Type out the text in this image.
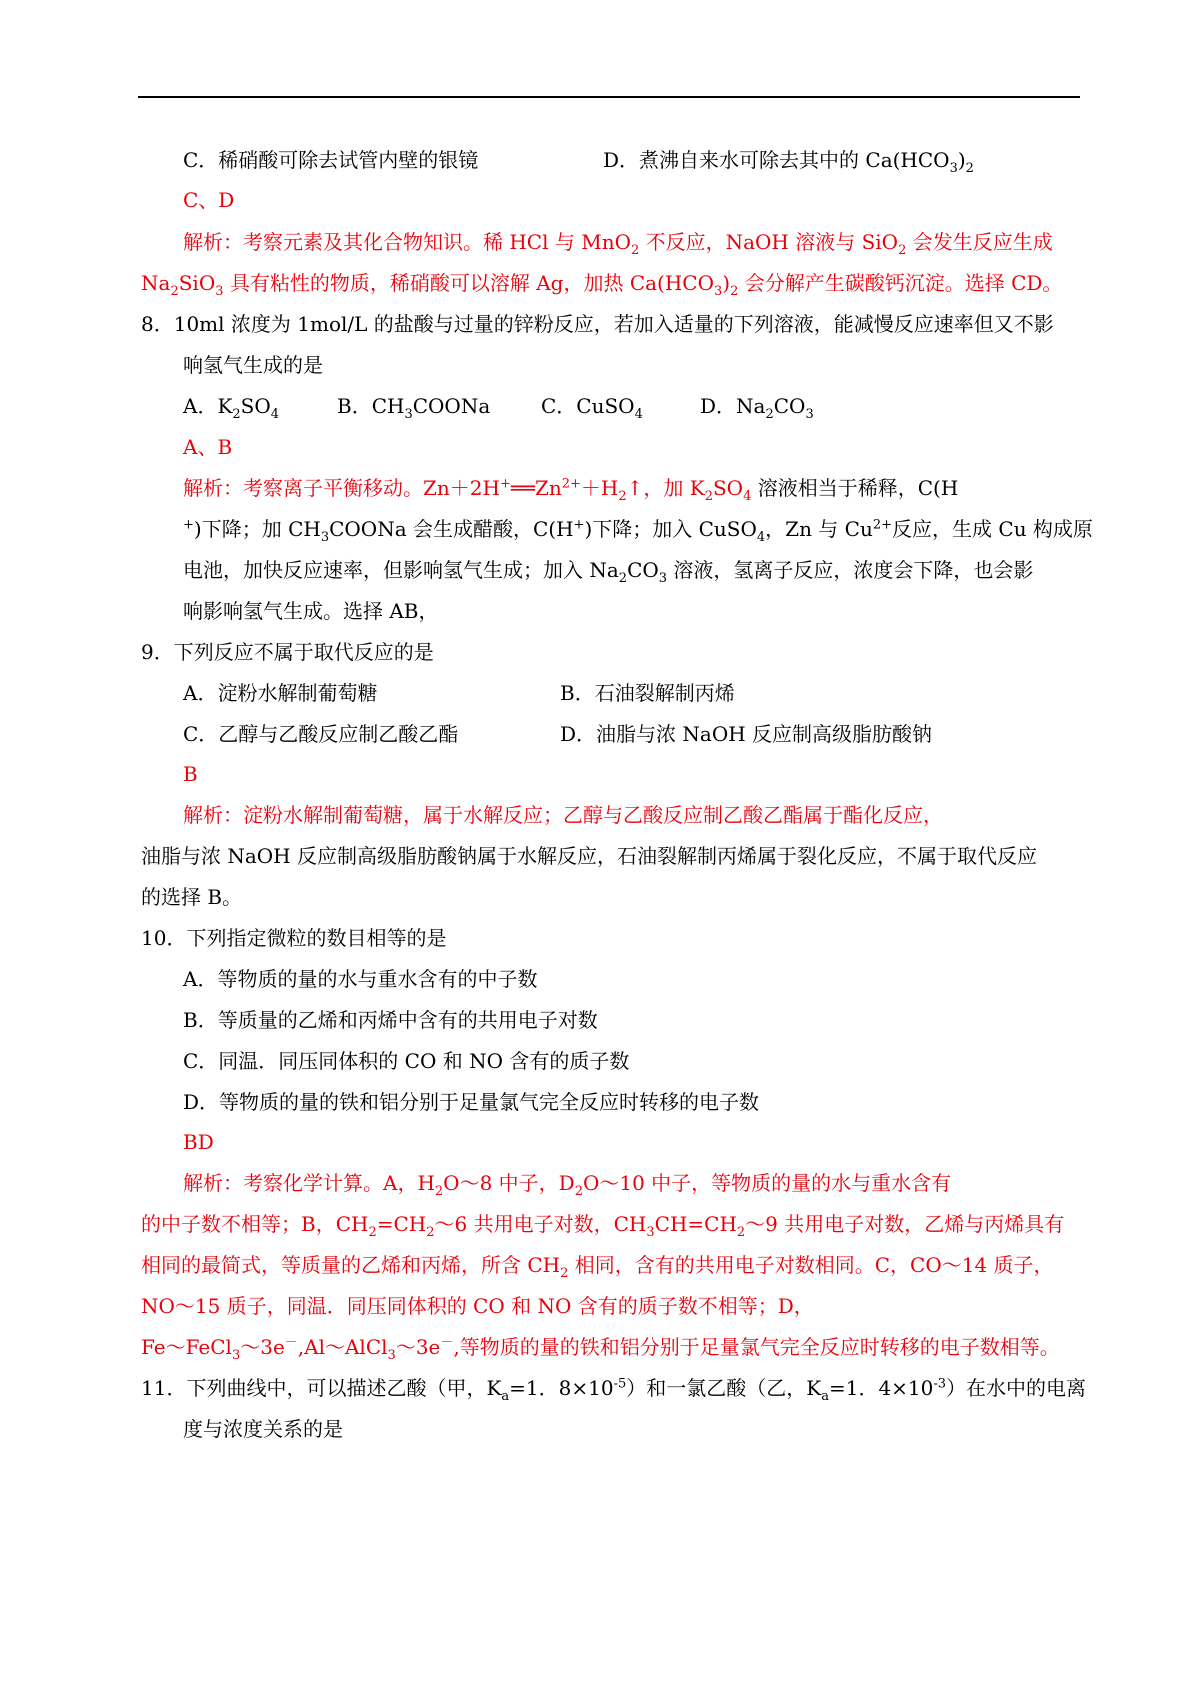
C．稀硝酸可除去试管内壁的银镜	D．煮沸自来水可除去其中的 $Ca(HCO_3)_2$
C、D
解析：考察元素及其化合物知识。稀 HCl 与 MnO$_2$ 不反应，NaOH 溶液与 SiO$_2$ 会发生反应生成
$Na_2SiO_3$ 具有粘性的物质，稀硝酸可以溶解 Ag，加热 $Ca(HCO_3)_2$ 会分解产生碳酸钙沉淀。选择 CD。
8．10ml 浓度为 1mol/L 的盐酸与过量的锌粉反应，若加入适量的下列溶液，能减慢反应速率但又不影
响氢气生成的是
A．$K_2SO_4$	B．$CH_3COONa$	C．CuSO$_4$	D．$Na_2CO_3$
A、B
解析：考察离子平衡移动。$Zn+2H^+══Zn^{2+}+H_2↑$，加 $K_2SO_4$ 溶液相当于稀释，C(H
+)下降；加 $CH_3COONa$ 会生成醋酸，C(H+)下降；加入 CuSO$_4$，Zn 与 $Cu^{2+}$反应，生成 Cu 构成原
电池，加快反应速率，但影响氢气生成；加入 $Na_2CO_3$ 溶液，氢离子反应，浓度会下降，也会影
响影响氢气生成。选择 AB，
9．下列反应不属于取代反应的是
A．淀粉水解制葡萄糖	B．石油裂解制丙烯
C．乙醇与乙酸反应制乙酸乙酯	D．油脂与浓 NaOH 反应制高级脂肪酸钠
B
解析：淀粉水解制葡萄糖，属于水解反应；乙醇与乙酸反应制乙酸乙酯属于酯化反应，
油脂与浓 NaOH 反应制高级脂肪酸钠属于水解反应，石油裂解制丙烯属于裂化反应，不属于取代反应
的选择 B。
10．下列指定微粒的数目相等的是
A．等物质的量的水与重水含有的中子数
B．等质量的乙烯和丙烯中含有的共用电子对数
C．同温．同压同体积的 CO 和 NO 含有的质子数
D．等物质的量的铁和铝分别于足量氯气完全反应时转移的电子数
BD
解析：考察化学计算。A，$H_2O\sim 8$ 中子，$D_2O\sim 10$ 中子，等物质的量的水与重水含有
的中子数不相等；B，$CH_2=CH_2\sim 6$ 共用电子对数，$CH_3CH=CH_2\sim 9$ 共用电子对数，乙烯与丙烯具有
相同的最简式，等质量的乙烯和丙烯，所含 $CH_2$ 相同，含有的共用电子对数相同。C，CO～14 质子，
NO～15 质子，同温．同压同体积的 CO 和 NO 含有的质子数不相等；D，
Fe～FeCl$_3$～3e－,Al～AlCl$_3$～3e－,等物质的量的铁和铝分别于足量氯气完全反应时转移的电子数相等。
11．下列曲线中，可以描述乙酸（甲，$K_a=1$．$8\times 10^{-5}$）和一氯乙酸（乙，$K_a=1$．$4\times 10^{-3}$）在水中的电离
度与浓度关系的是
